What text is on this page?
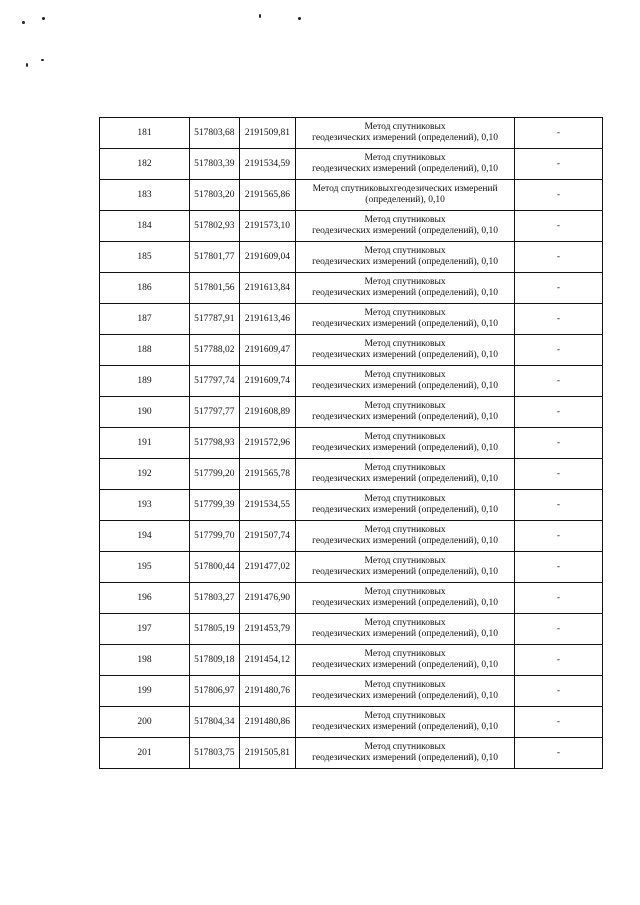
181	517803,68	2191509,81	Метод спутниковых
геодезических измерений (определений), 0,10	-
182	517803,39	2191534,59	Метод спутниковых
геодезических измерений (определений), 0,10	-
183	517803,20	2191565,86	Метод спутниковыхгеодезических измерений
(определений), 0,10	-
184	517802,93	2191573,10	Метод спутниковых
геодезических измерений (определений), 0,10	-
185	517801,77	2191609,04	Метод спутниковых
геодезических измерений (определений), 0,10	-
186	517801,56	2191613,84	Метод спутниковых
геодезических измерений (определений), 0,10	-
187	517787,91	2191613,46	Метод спутниковых
геодезических измерений (определений), 0,10	-
188	517788,02	2191609,47	Метод спутниковых
геодезических измерений (определений), 0,10	-
189	517797,74	2191609,74	Метод спутниковых
геодезических измерений (определений), 0,10	-
190	517797,77	2191608,89	Метод спутниковых
геодезических измерений (определений), 0,10	-
191	517798,93	2191572,96	Метод спутниковых
геодезических измерений (определений), 0,10	-
192	517799,20	2191565,78	Метод спутниковых
геодезических измерений (определений), 0,10	-
193	517799,39	2191534,55	Метод спутниковых
геодезических измерений (определений), 0,10	-
194	517799,70	2191507,74	Метод спутниковых
геодезических измерений (определений), 0,10	-
195	517800,44	2191477,02	Метод спутниковых
геодезических измерений (определений), 0,10	-
196	517803,27	2191476,90	Метод спутниковых
геодезических измерений (определений), 0,10	-
197	517805,19	2191453,79	Метод спутниковых
геодезических измерений (определений), 0,10	-
198	517809,18	2191454,12	Метод спутниковых
геодезических измерений (определений), 0,10	-
199	517806,97	2191480,76	Метод спутниковых
геодезических измерений (определений), 0,10	-
200	517804,34	2191480,86	Метод спутниковых
геодезических измерений (определений), 0,10	-
201	517803,75	2191505,81	Метод спутниковых
геодезических измерений (определений), 0,10	-
